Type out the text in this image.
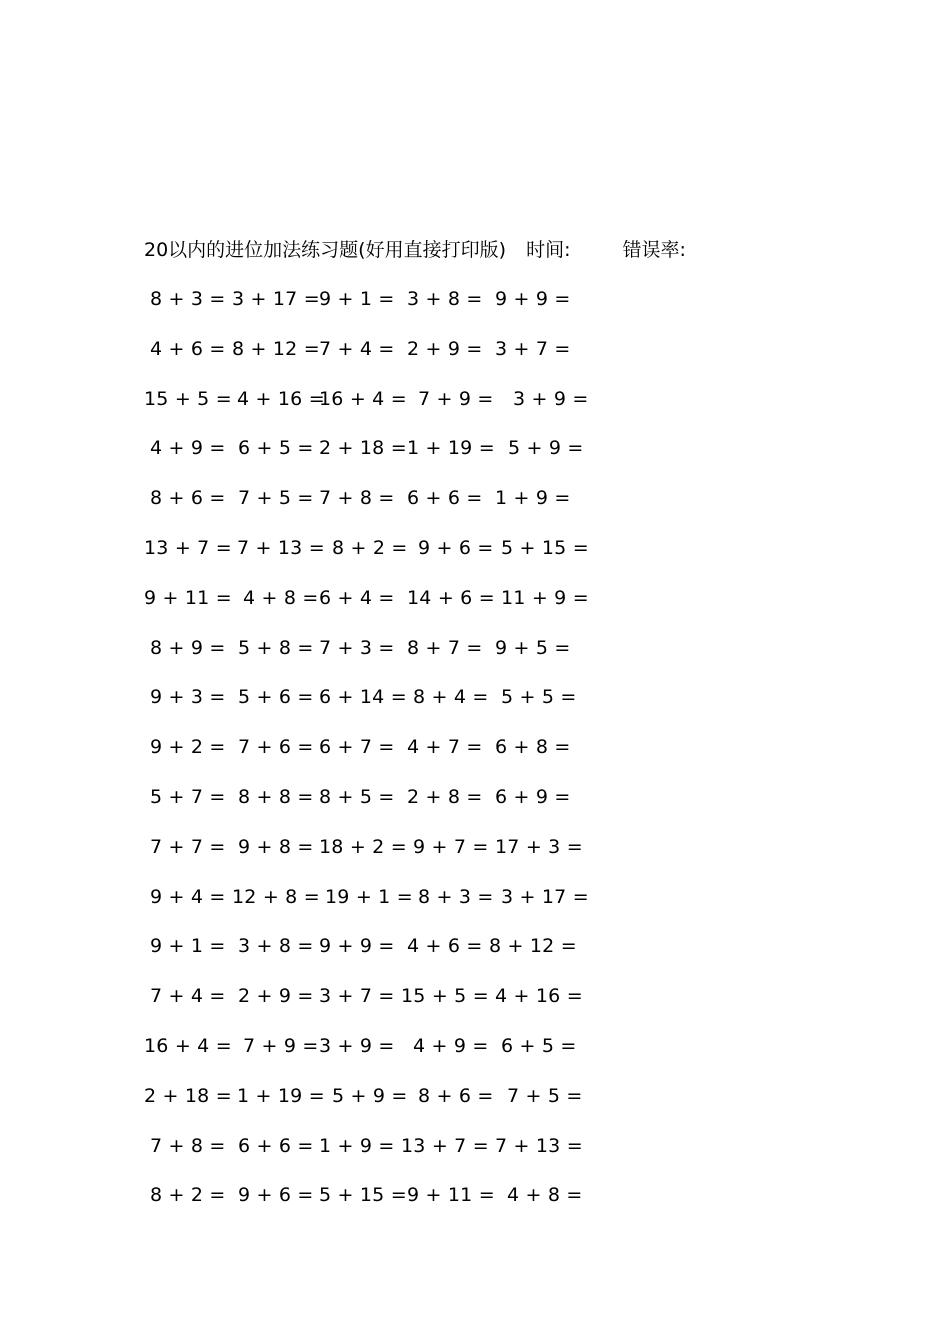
20以内的进位加法练习题(好用直接打印版) 时间:	错误率:
8 + 3 = 3 + 17 = 9 + 1 = 3 + 8 = 9 + 9 =
4 + 6 = 8 + 12 = 7 + 4 = 2 + 9 = 3 + 7 =
15 + 5 = 4 + 16 =
16 + 4 = 7 + 9 = 3 + 9 =
4 + 9 = 6 + 5 = 2 + 18 = 1 + 19 = 5 + 9 =
8 + 6 = 7 + 5 = 7 + 8 = 6 + 6 = 1 + 9 =
13 + 7 = 7 + 13 = 8 + 2 = 9 + 6 = 5 + 15 =
9 + 11 = 4 + 8 = 6 + 4 = 14 + 6 = 11 + 9 =
8 + 9 = 5 + 8 = 7 + 3 = 8 + 7 = 9 + 5 =
9 + 3 = 5 + 6 = 6 + 14 = 8 + 4 = 5 + 5 =
9 + 2 = 7 + 6 = 6 + 7 = 4 + 7 = 6 + 8 =
5 + 7 = 8 + 8 = 8 + 5 = 2 + 8 = 6 + 9 =
7 + 7 = 9 + 8 = 18 + 2 = 9 + 7 = 17 + 3 =
9 + 4 = 12 + 8 = 19 + 1 = 8 + 3 = 3 + 17 =
9 + 1 = 3 + 8 = 9 + 9 = 4 + 6 = 8 + 12 =
7 + 4 = 2 + 9 = 3 + 7 = 15 + 5 = 4 + 16 =
16 + 4 = 7 + 9 = 3 + 9 = 4 + 9 = 6 + 5 =
2 + 18 = 1 + 19 = 5 + 9 = 8 + 6 = 7 + 5 =
7 + 8 = 6 + 6 = 1 + 9 = 13 + 7 = 7 + 13 =
8 + 2 = 9 + 6 = 5 + 15 = 9 + 11 = 4 + 8 =
